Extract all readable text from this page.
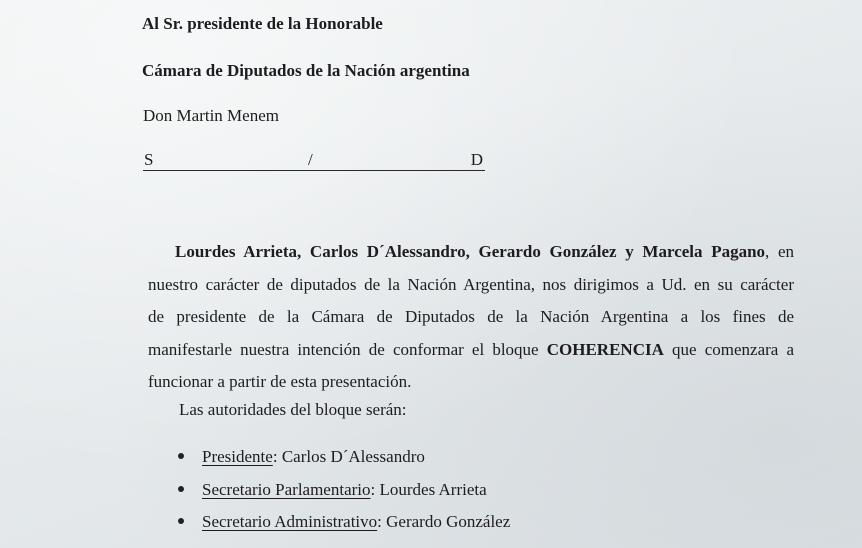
Al Sr. presidente de la Honorable
Cámara de Diputados de la Nación argentina
Don Martin Menem
S	/	D
Lourdes Arrieta, Carlos D´Alessandro, Gerardo González y Marcela Pagano, en
nuestro carácter de diputados de la Nación Argentina, nos dirigimos a Ud. en su carácter
de presidente de la Cámara de Diputados de la Nación Argentina a los fines de
manifestarle nuestra intención de conformar el bloque COHERENCIA que comenzara a
funcionar a partir de esta presentación.
Las autoridades del bloque serán:
Presidente: Carlos D´Alessandro
Secretario Parlamentario: Lourdes Arrieta
Secretario Administrativo: Gerardo González
